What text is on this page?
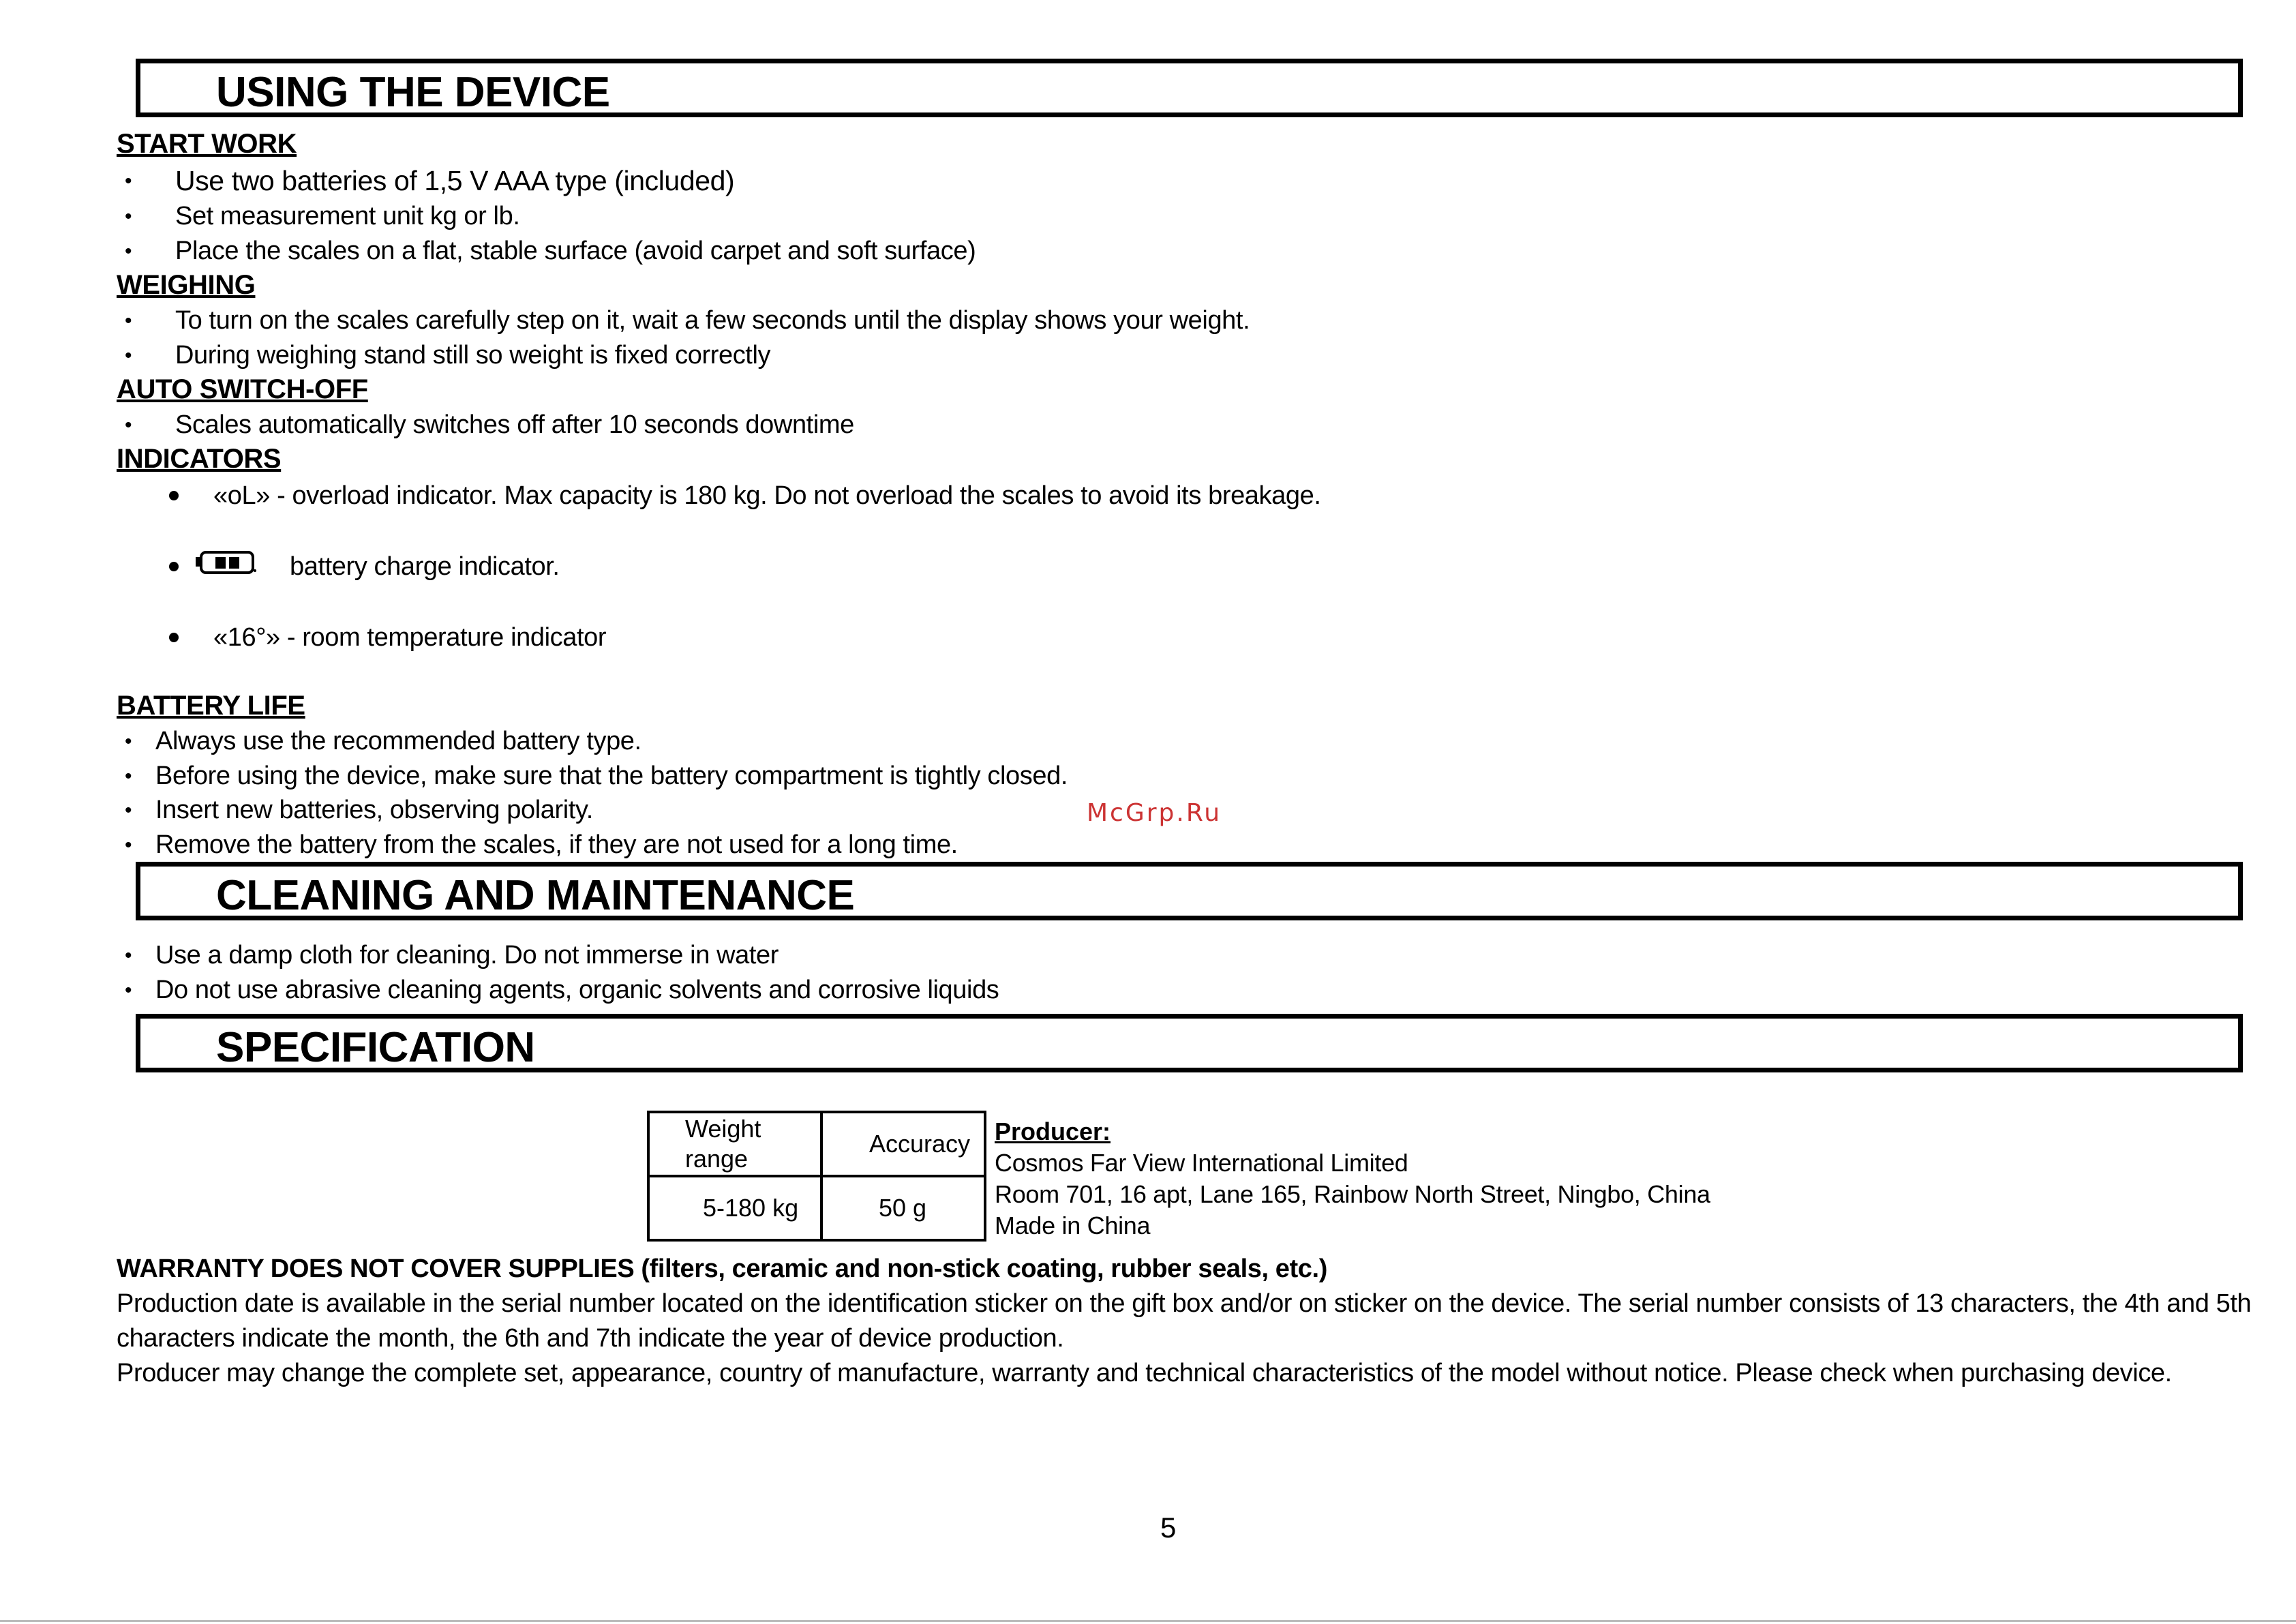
USING THE DEVICE
START WORK
• Use two batteries of 1,5 V AAA type (included)
• Set measurement unit kg or lb.
• Place the scales on a flat, stable surface (avoid carpet and soft surface)
WEIGHING
• To turn on the scales carefully step on it, wait a few seconds until the display shows your weight.
• During weighing stand still so weight is fixed correctly
AUTO SWITCH-OFF
• Scales automatically switches off after 10 seconds downtime
INDICATORS
«oL» - overload indicator. Max capacity is 180 kg. Do not overload the scales to avoid its breakage.
battery charge indicator.
«16°» - room temperature indicator
BATTERY LIFE
• Always use the recommended battery type.
• Before using the device, make sure that the battery compartment is tightly closed.
• Insert new batteries, observing polarity.
• Remove the battery from the scales, if they are not used for a long time.
McGrp.Ru
CLEANING AND MAINTENANCE
• Use a damp cloth for cleaning. Do not immerse in water
• Do not use abrasive cleaning agents, organic solvents and corrosive liquids
SPECIFICATION
Weight
range	Accuracy
5-180 kg	50 g
Producer:
Cosmos Far View International Limited
Room 701, 16 apt, Lane 165, Rainbow North Street, Ningbo, China
Made in China
WARRANTY DOES NOT COVER SUPPLIES (filters, ceramic and non-stick coating, rubber seals, etc.)
Production date is available in the serial number located on the identification sticker on the gift box and/or on sticker on the device. The serial number consists of 13 characters, the 4th and 5th
characters indicate the month, the 6th and 7th indicate the year of device production.
Producer may change the complete set, appearance, country of manufacture, warranty and technical characteristics of the model without notice. Please check when purchasing device.
5
